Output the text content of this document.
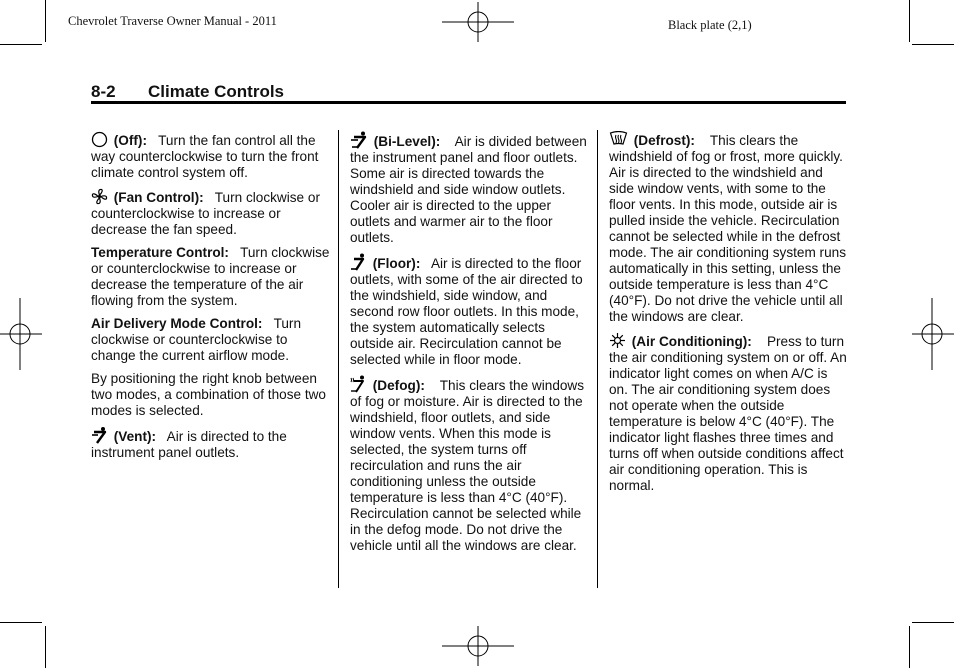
Chevrolet Traverse Owner Manual - 2011	Black plate (2,1)
8-2 Climate Controls

(Off): Turn the fan control all the way counterclockwise to turn the front climate control system off.

(Fan Control): Turn clockwise or counterclockwise to increase or decrease the fan speed.

Temperature Control: Turn clockwise or counterclockwise to increase or decrease the temperature of the air flowing from the system.

Air Delivery Mode Control: Turn clockwise or counterclockwise to change the current airflow mode.

By positioning the right knob between two modes, a combination of those two modes is selected.

(Vent): Air is directed to the instrument panel outlets.

(Bi-Level): Air is divided between the instrument panel and floor outlets. Some air is directed towards the windshield and side window outlets. Cooler air is directed to the upper outlets and warmer air to the floor outlets.

(Floor): Air is directed to the floor outlets, with some of the air directed to the windshield, side window, and second row floor outlets. In this mode, the system automatically selects outside air. Recirculation cannot be selected while in floor mode.

(Defog): This clears the windows of fog or moisture. Air is directed to the windshield, floor outlets, and side window vents. When this mode is selected, the system turns off recirculation and runs the air conditioning unless the outside temperature is less than 4°C (40°F). Recirculation cannot be selected while in the defog mode. Do not drive the vehicle until all the windows are clear.

(Defrost): This clears the windshield of fog or frost, more quickly. Air is directed to the windshield and side window vents, with some to the floor vents. In this mode, outside air is pulled inside the vehicle. Recirculation cannot be selected while in the defrost mode. The air conditioning system runs automatically in this setting, unless the outside temperature is less than 4°C (40°F). Do not drive the vehicle until all the windows are clear.

(Air Conditioning): Press to turn the air conditioning system on or off. An indicator light comes on when A/C is on. The air conditioning system does not operate when the outside temperature is below 4°C (40°F). The indicator light flashes three times and turns off when outside conditions affect air conditioning operation. This is normal.
